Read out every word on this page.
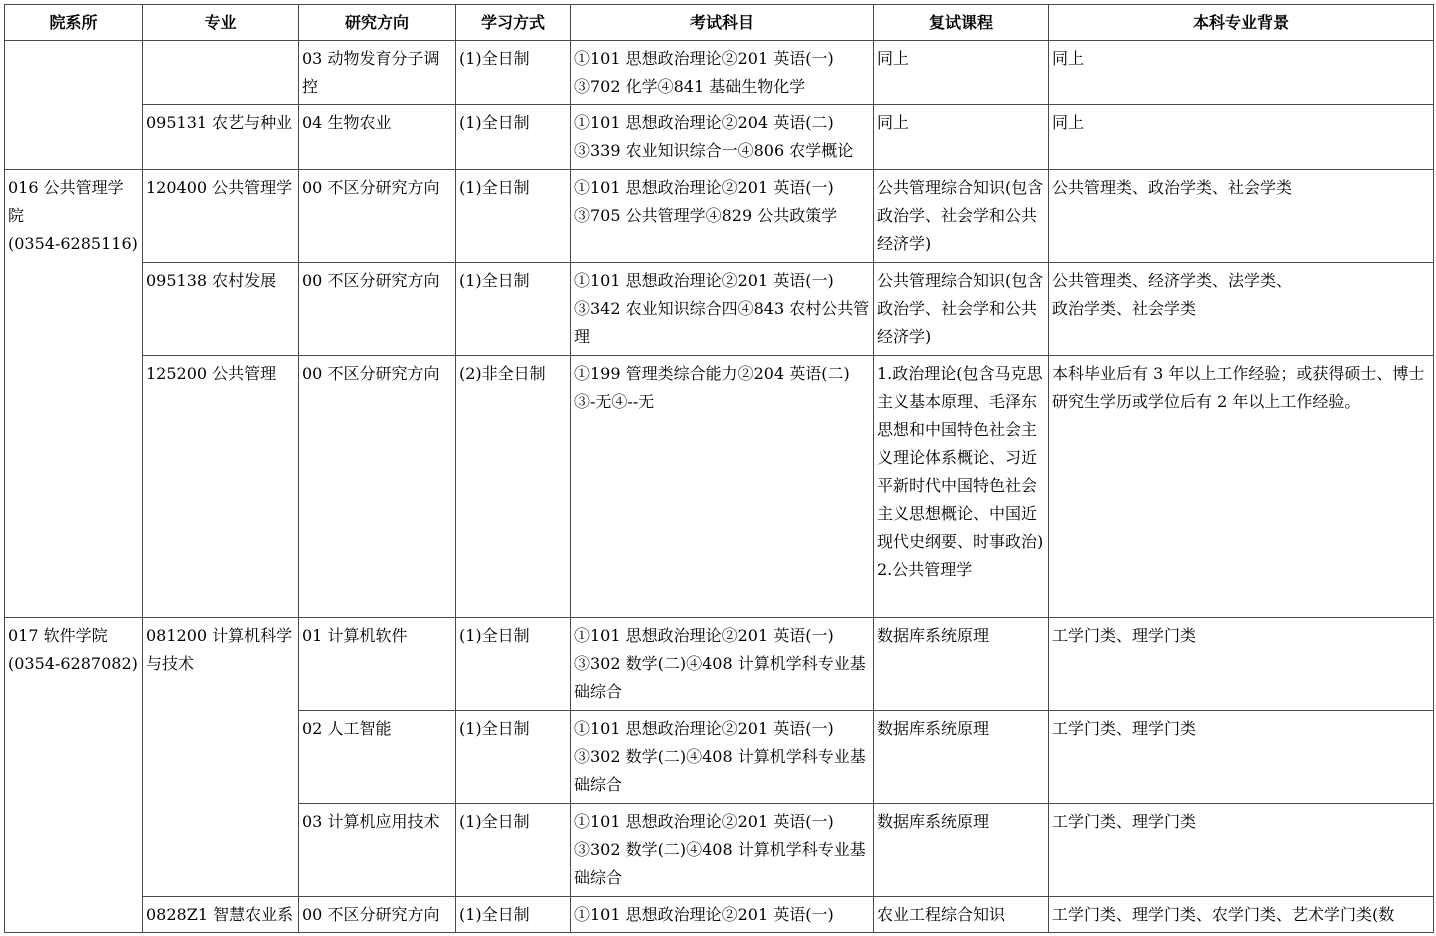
院系所	专业	研究方向	学习方式	考试科目	复试课程	本科专业背景

		03 动物发育分子调控	(1)全日制	①101 思想政治理论②201 英语(一)
③702 化学④841 基础生物化学	同上	同上

	095131 农艺与种业	04 生物农业	(1)全日制	①101 思想政治理论②204 英语(二)
③339 农业知识综合一④806 农学概论	同上	同上

016 公共管理学院
(0354-6285116)	120400 公共管理学	00 不区分研究方向	(1)全日制	①101 思想政治理论②201 英语(一)
③705 公共管理学④829 公共政策学	公共管理综合知识(包含政治学、社会学和公共经济学)	公共管理类、政治学类、社会学类

	095138 农村发展	00 不区分研究方向	(1)全日制	①101 思想政治理论②201 英语(一)
③342 农业知识综合四④843 农村公共管理	公共管理综合知识(包含政治学、社会学和公共经济学)	公共管理类、经济学类、法学类、
政治学类、社会学类

	125200 公共管理	00 不区分研究方向	(2)非全日制	①199 管理类综合能力②204 英语(二)
③-无④--无	1.政治理论(包含马克思主义基本原理、毛泽东思想和中国特色社会主义理论体系概论、习近平新时代中国特色社会主义思想概论、中国近现代史纲要、时事政治)
2.公共管理学	本科毕业后有 3 年以上工作经验；或获得硕士、博士研究生学历或学位后有 2 年以上工作经验。

017 软件学院
(0354-6287082)	081200 计算机科学与技术	01 计算机软件	(1)全日制	①101 思想政治理论②201 英语(一)
③302 数学(二)④408 计算机学科专业基础综合	数据库系统原理	工学门类、理学门类

		02 人工智能	(1)全日制	①101 思想政治理论②201 英语(一)
③302 数学(二)④408 计算机学科专业基础综合	数据库系统原理	工学门类、理学门类

		03 计算机应用技术	(1)全日制	①101 思想政治理论②201 英语(一)
③302 数学(二)④408 计算机学科专业基础综合	数据库系统原理	工学门类、理学门类

	0828Z1 智慧农业系	00 不区分研究方向	(1)全日制	①101 思想政治理论②201 英语(一)	农业工程综合知识	工学门类、理学门类、农学门类、艺术学门类(数
